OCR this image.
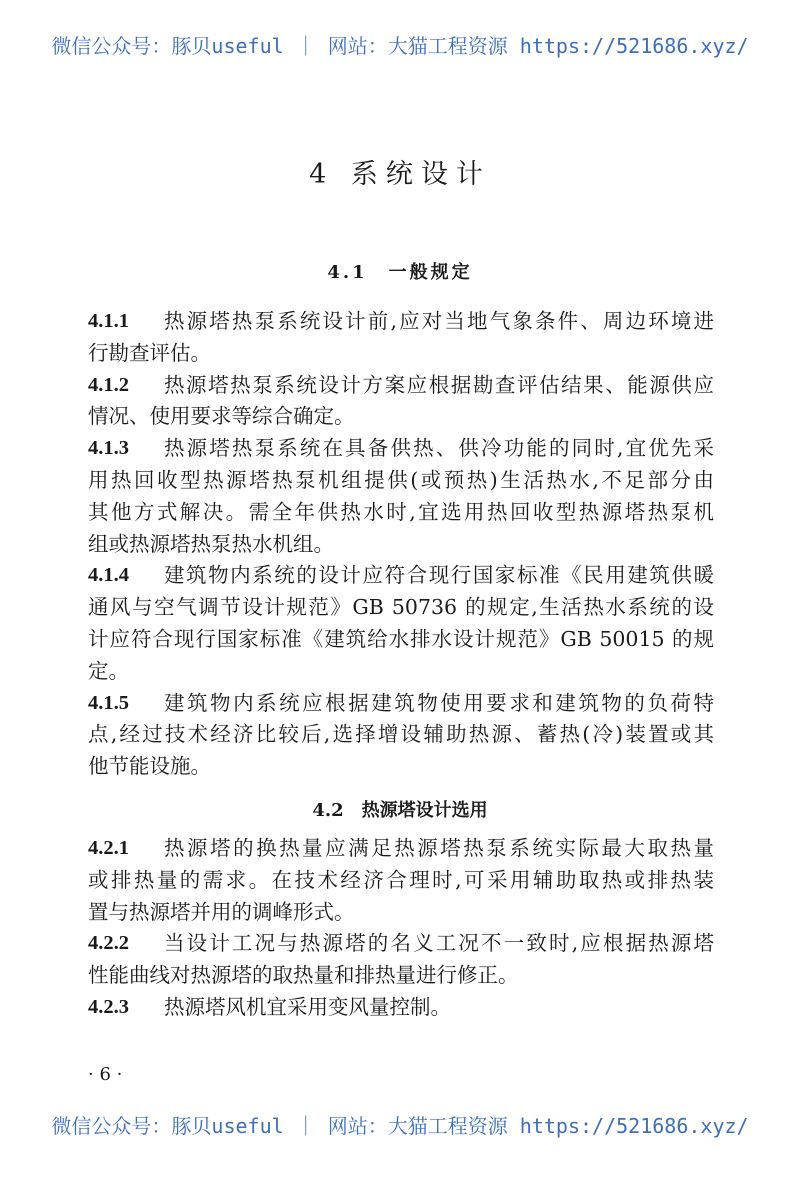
微信公众号：豚贝useful ｜ 网站：大猫工程资源 https://521686.xyz/
4 系统设计
4.1　一般规定
4.1.1	热源塔热泵系统设计前,应对当地气象条件、周边环境进
行勘查评估。
4.1.2	热源塔热泵系统设计方案应根据勘查评估结果、能源供应
情况、使用要求等综合确定。
4.1.3	热源塔热泵系统在具备供热、供冷功能的同时,宜优先采
用热回收型热源塔热泵机组提供(或预热)生活热水,不足部分由
其他方式解决。需全年供热水时,宜选用热回收型热源塔热泵机
组或热源塔热泵热水机组。
4.1.4	建筑物内系统的设计应符合现行国家标准《民用建筑供暖
通风与空气调节设计规范》GB 50736 的规定,生活热水系统的设
计应符合现行国家标准《建筑给水排水设计规范》GB 50015 的规
定。
4.1.5	建筑物内系统应根据建筑物使用要求和建筑物的负荷特
点,经过技术经济比较后,选择增设辅助热源、蓄热(冷)装置或其
他节能设施。
4.2　热源塔设计选用
4.2.1	热源塔的换热量应满足热源塔热泵系统实际最大取热量
或排热量的需求。在技术经济合理时,可采用辅助取热或排热装
置与热源塔并用的调峰形式。
4.2.2	当设计工况与热源塔的名义工况不一致时,应根据热源塔
性能曲线对热源塔的取热量和排热量进行修正。
4.2.3	热源塔风机宜采用变风量控制。
· 6 ·
微信公众号：豚贝useful ｜ 网站：大猫工程资源 https://521686.xyz/
